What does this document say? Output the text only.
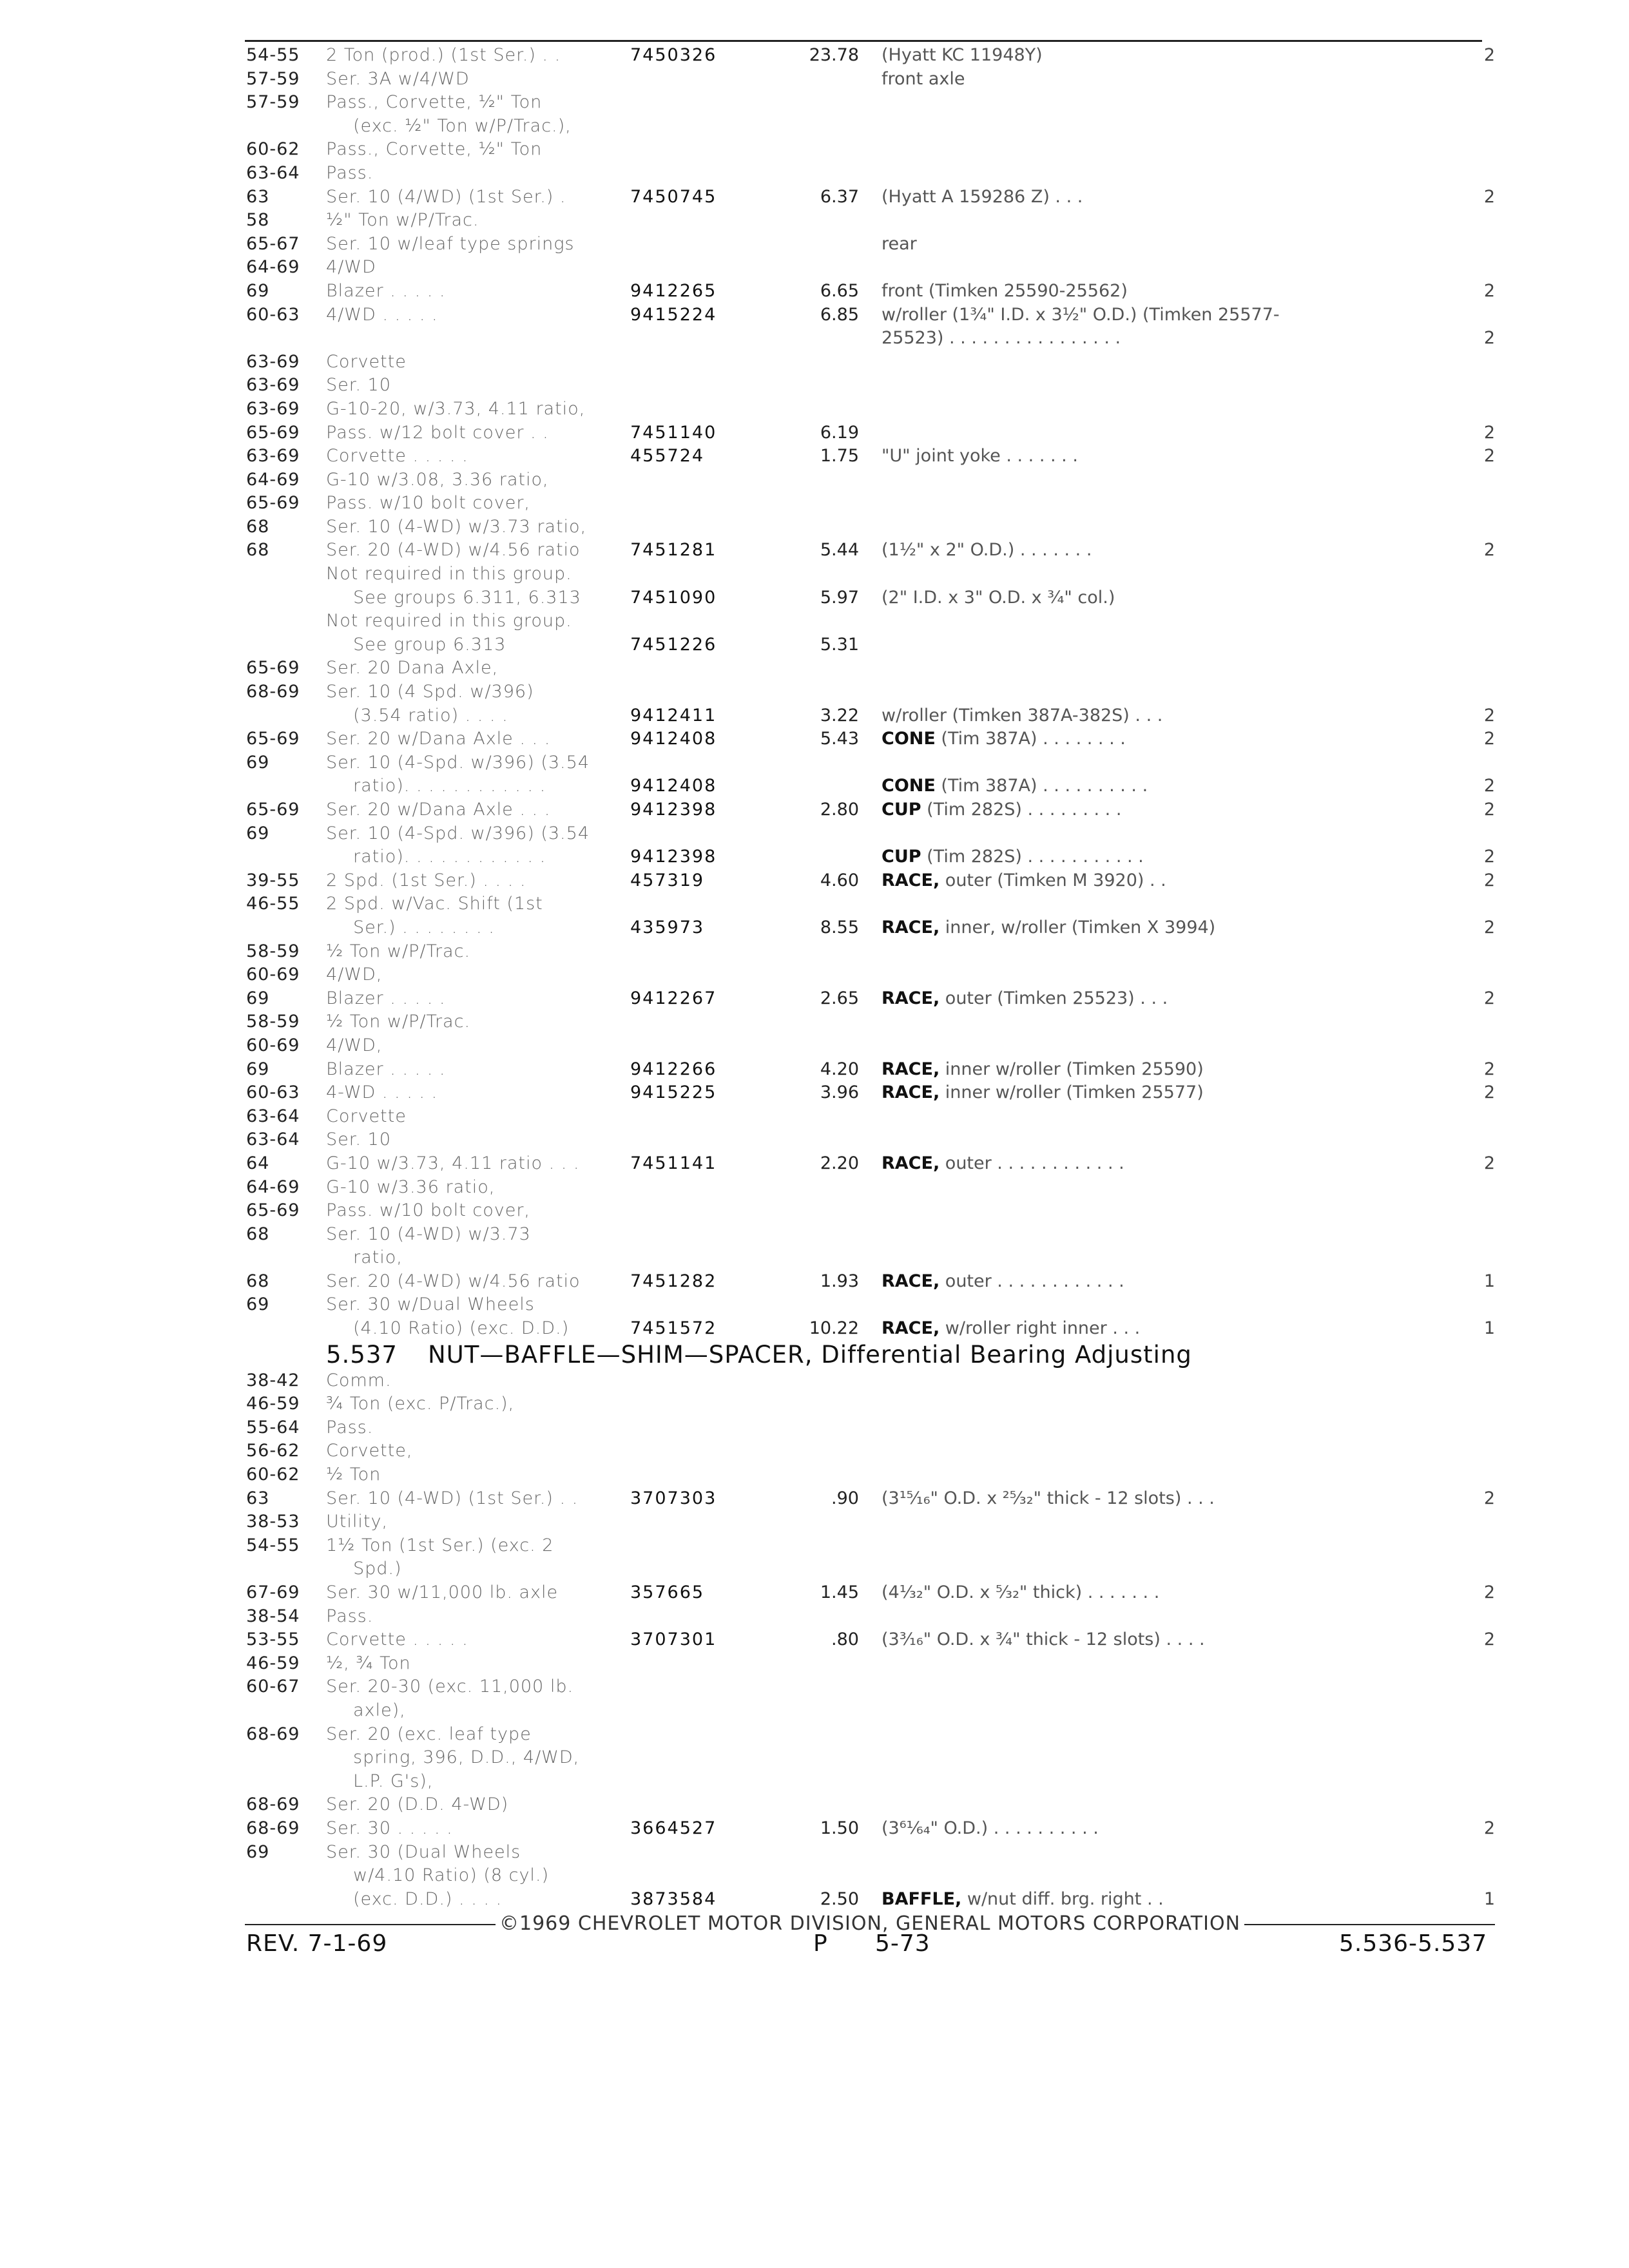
54-55 2 Ton (prod.) (1st Ser.) . .	7450326	23.78 (Hyatt KC 11948Y)	2
57-59 Ser. 3A w/4/WD	front axle
57-59 Pass., Corvette, ½" Ton
(exc. ½" Ton w/P/Trac.),
60-62 Pass., Corvette, ½" Ton
63-64 Pass.
63	Ser. 10 (4/WD) (1st Ser.) .	7450745	6.37 (Hyatt A 159286 Z) . . .	2
58	½" Ton w/P/Trac.
65-67 Ser. 10 w/leaf type springs	rear
64-69 4/WD
69	Blazer . . . . .	9412265	6.65 front (Timken 25590-25562)	2
60-63 4/WD . . . . .	9415224	6.85 w/roller (1¾" I.D. x 3½" O.D.) (Timken 25577-
25523) . . . . . . . . . . . . . . . .	2
63-69 Corvette
63-69 Ser. 10
63-69 G-10-20, w/3.73, 4.11 ratio,
65-69 Pass. w/12 bolt cover . .	7451140	6.19	2
63-69 Corvette . . . . .	455724	1.75 "U" joint yoke . . . . . . .	2
64-69 G-10 w/3.08, 3.36 ratio,
65-69 Pass. w/10 bolt cover,
68	Ser. 10 (4-WD) w/3.73 ratio,
68	Ser. 20 (4-WD) w/4.56 ratio	7451281	5.44 (1½" x 2" O.D.) . . . . . . .	2
Not required in this group.
See groups 6.311, 6.313	7451090	5.97 (2" I.D. x 3" O.D. x ¾" col.)
Not required in this group.
See group 6.313	7451226	5.31
65-69 Ser. 20 Dana Axle,
68-69 Ser. 10 (4 Spd. w/396)
(3.54 ratio) . . . .	9412411	3.22 w/roller (Timken 387A-382S) . . .	2
65-69 Ser. 20 w/Dana Axle . . .	9412408	5.43 CONE (Tim 387A) . . . . . . . .	2
69	Ser. 10 (4-Spd. w/396) (3.54
ratio). . . . . . . . . . . .	9412408	CONE (Tim 387A) . . . . . . . . . .	2
65-69 Ser. 20 w/Dana Axle . . .	9412398	2.80 CUP (Tim 282S) . . . . . . . . .	2
69	Ser. 10 (4-Spd. w/396) (3.54
ratio). . . . . . . . . . . .	9412398	CUP (Tim 282S) . . . . . . . . . . .	2
39-55 2 Spd. (1st Ser.) . . . .	457319	4.60 RACE, outer (Timken M 3920) . .	2
46-55 2 Spd. w/Vac. Shift (1st
Ser.) . . . . . . . .	435973	8.55 RACE, inner, w/roller (Timken X 3994)	2
58-59 ½ Ton w/P/Trac.
60-69 4/WD,
69	Blazer . . . . .	9412267	2.65 RACE, outer (Timken 25523) . . .	2
58-59 ½ Ton w/P/Trac.
60-69 4/WD,
69	Blazer . . . . .	9412266	4.20 RACE, inner w/roller (Timken 25590)	2
60-63 4-WD . . . . .	9415225	3.96 RACE, inner w/roller (Timken 25577)	2
63-64 Corvette
63-64 Ser. 10
64	G-10 w/3.73, 4.11 ratio . . .	7451141	2.20 RACE, outer . . . . . . . . . . . .	2
64-69 G-10 w/3.36 ratio,
65-69 Pass. w/10 bolt cover,
68	Ser. 10 (4-WD) w/3.73
ratio,
68	Ser. 20 (4-WD) w/4.56 ratio	7451282	1.93 RACE, outer . . . . . . . . . . . .	1
69	Ser. 30 w/Dual Wheels
(4.10 Ratio) (exc. D.D.)	7451572	10.22 RACE, w/roller right inner . . .	1
5.537 NUT—BAFFLE—SHIM—SPACER, Differential Bearing Adjusting
38-42 Comm.
46-59 ¾ Ton (exc. P/Trac.),
55-64 Pass.
56-62 Corvette,
60-62 ½ Ton
63	Ser. 10 (4-WD) (1st Ser.) . .	3707303	.90 (3¹⁵⁄₁₆" O.D. x ²⁵⁄₃₂" thick - 12 slots) . . .	2
38-53 Utility,
54-55 1½ Ton (1st Ser.) (exc. 2
Spd.)
67-69 Ser. 30 w/11,000 lb. axle	357665	1.45 (4¹⁄₃₂" O.D. x ⁵⁄₃₂" thick) . . . . . . .	2
38-54 Pass.
53-55 Corvette . . . . .	3707301	.80 (3³⁄₁₆" O.D. x ³⁄₄" thick - 12 slots) . . . .	2
46-59 ½, ¾ Ton
60-67 Ser. 20-30 (exc. 11,000 lb.
axle),
68-69 Ser. 20 (exc. leaf type
spring, 396, D.D., 4/WD,
L.P. G's),
68-69 Ser. 20 (D.D. 4-WD)
68-69 Ser. 30 . . . . .	3664527	1.50 (3⁶¹⁄₆₄" O.D.) . . . . . . . . . .	2
69	Ser. 30 (Dual Wheels
w/4.10 Ratio) (8 cyl.)
(exc. D.D.) . . . .	3873584	2.50 BAFFLE, w/nut diff. brg. right . .	1
©1969 CHEVROLET MOTOR DIVISION, GENERAL MOTORS CORPORATION
REV. 7-1-69	P 5-73	5.536-5.537
